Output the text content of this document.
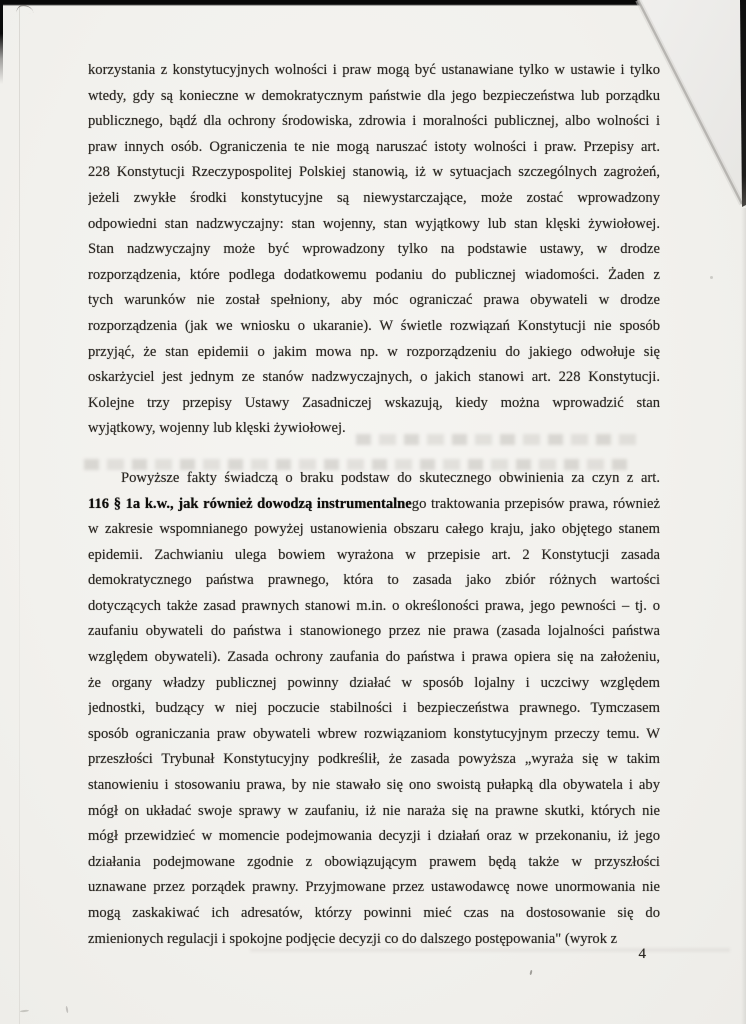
korzystania z konstytucyjnych wolności i praw mogą być ustanawiane tylko w ustawie i tylko
wtedy, gdy są konieczne w demokratycznym państwie dla jego bezpieczeństwa lub porządku
publicznego, bądź dla ochrony środowiska, zdrowia i moralności publicznej, albo wolności i
praw innych osób. Ograniczenia te nie mogą naruszać istoty wolności i praw. Przepisy art.
228 Konstytucji Rzeczypospolitej Polskiej stanowią, iż w sytuacjach szczególnych zagrożeń,
jeżeli zwykłe środki konstytucyjne są niewystarczające, może zostać wprowadzony
odpowiedni stan nadzwyczajny: stan wojenny, stan wyjątkowy lub stan klęski żywiołowej.
Stan nadzwyczajny może być wprowadzony tylko na podstawie ustawy, w drodze
rozporządzenia, które podlega dodatkowemu podaniu do publicznej wiadomości. Żaden z
tych warunków nie został spełniony, aby móc ograniczać prawa obywateli w drodze
rozporządzenia (jak we wniosku o ukaranie). W świetle rozwiązań Konstytucji nie sposób
przyjąć, że stan epidemii o jakim mowa np. w rozporządzeniu do jakiego odwołuje się
oskarżyciel jest jednym ze stanów nadzwyczajnych, o jakich stanowi art. 228 Konstytucji.
Kolejne trzy przepisy Ustawy Zasadniczej wskazują, kiedy można wprowadzić stan
wyjątkowy, wojenny lub klęski żywiołowej.
Powyższe fakty świadczą o braku podstaw do skutecznego obwinienia za czyn z art.
116 § 1a k.w., jak również dowodzą instrumentalnego traktowania przepisów prawa, również
w zakresie wspomnianego powyżej ustanowienia obszaru całego kraju, jako objętego stanem
epidemii. Zachwianiu ulega bowiem wyrażona w przepisie art. 2 Konstytucji zasada
demokratycznego państwa prawnego, która to zasada jako zbiór różnych wartości
dotyczących także zasad prawnych stanowi m.in. o określoności prawa, jego pewności – tj. o
zaufaniu obywateli do państwa i stanowionego przez nie prawa (zasada lojalności państwa
względem obywateli). Zasada ochrony zaufania do państwa i prawa opiera się na założeniu,
że organy władzy publicznej powinny działać w sposób lojalny i uczciwy względem
jednostki, budzący w niej poczucie stabilności i bezpieczeństwa prawnego. Tymczasem
sposób ograniczania praw obywateli wbrew rozwiązaniom konstytucyjnym przeczy temu. W
przeszłości Trybunał Konstytucyjny podkreślił, że zasada powyższa „wyraża się w takim
stanowieniu i stosowaniu prawa, by nie stawało się ono swoistą pułapką dla obywatela i aby
mógł on układać swoje sprawy w zaufaniu, iż nie naraża się na prawne skutki, których nie
mógł przewidzieć w momencie podejmowania decyzji i działań oraz w przekonaniu, iż jego
działania podejmowane zgodnie z obowiązującym prawem będą także w przyszłości
uznawane przez porządek prawny. Przyjmowane przez ustawodawcę nowe unormowania nie
mogą zaskakiwać ich adresatów, którzy powinni mieć czas na dostosowanie się do
zmienionych regulacji i spokojne podjęcie decyzji co do dalszego postępowania" (wyrok z
4
